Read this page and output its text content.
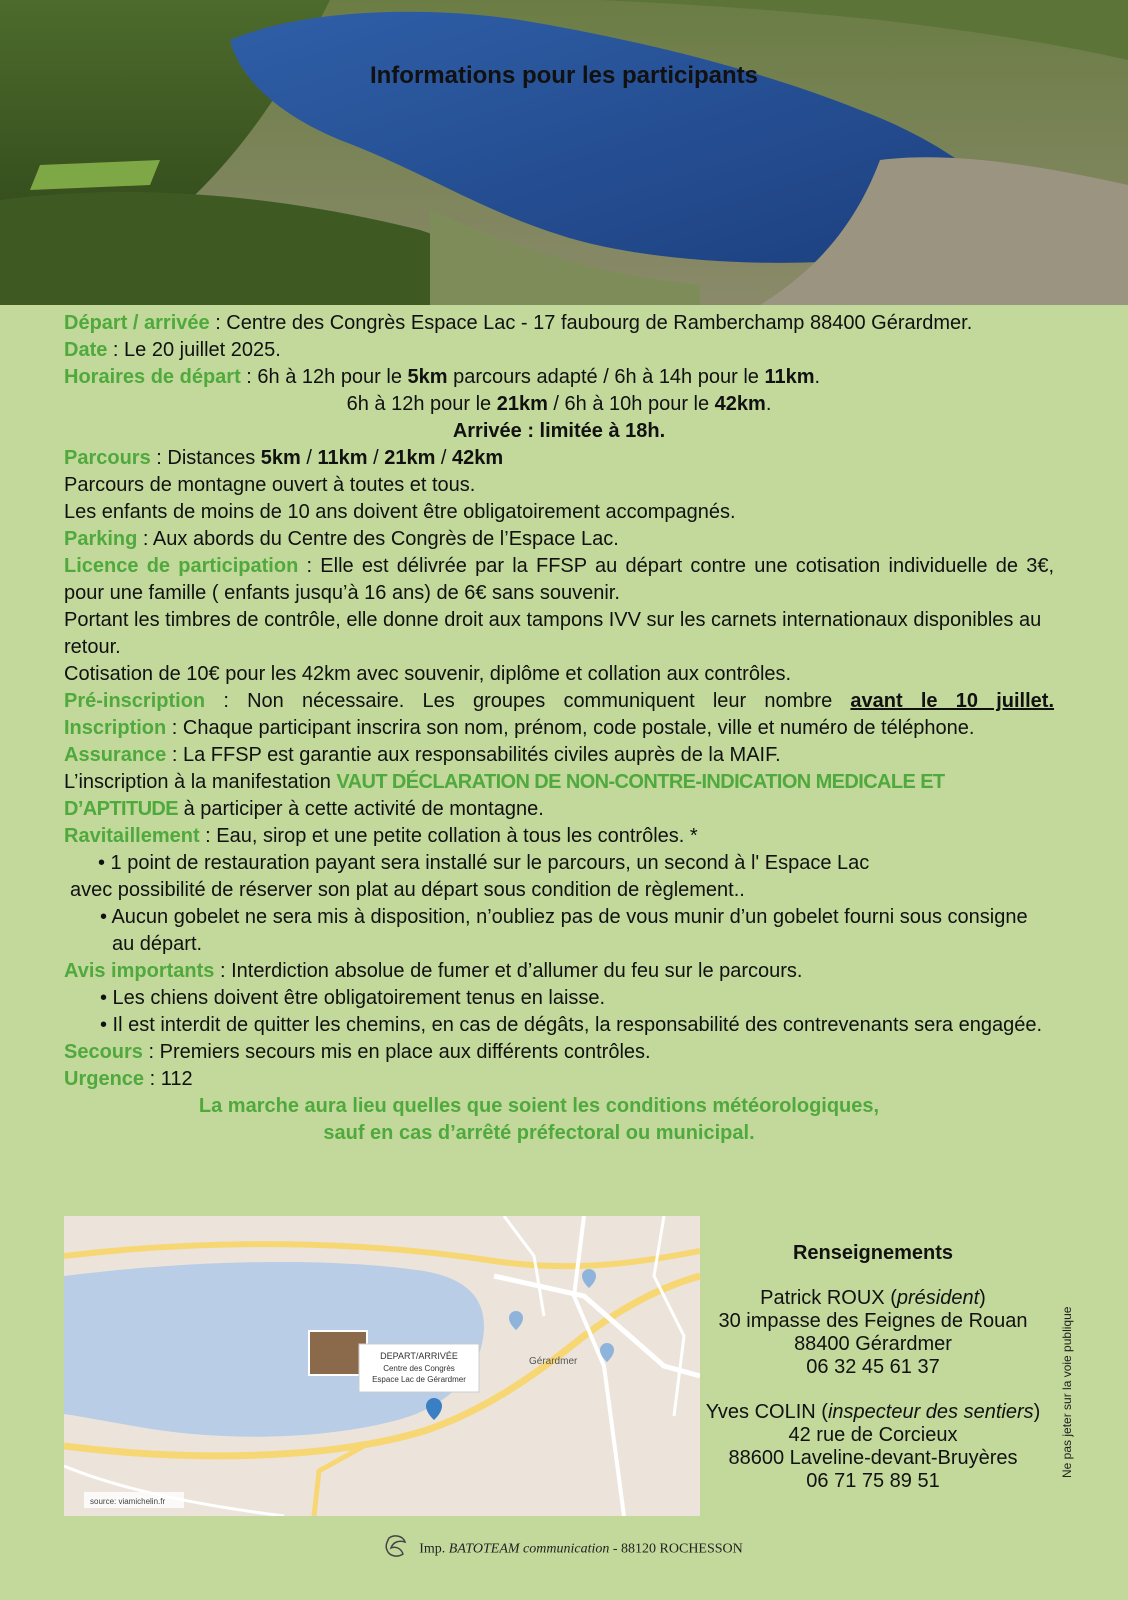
Informations pour les participants
Départ / arrivée : Centre des Congrès Espace Lac - 17 faubourg de Ramberchamp 88400 Gérardmer.
Date : Le 20 juillet 2025.
Horaires de départ : 6h à 12h pour le 5km parcours adapté / 6h à 14h pour le 11km.
6h à 12h pour le 21km / 6h à 10h pour le 42km.
Arrivée : limitée à 18h.
Parcours : Distances 5km / 11km / 21km / 42km
Parcours de montagne ouvert à toutes et tous.
Les enfants de moins de 10 ans doivent être obligatoirement accompagnés.
Parking : Aux abords du Centre des Congrès de l’Espace Lac.
Licence de participation : Elle est délivrée par la FFSP au départ contre une cotisation individuelle de 3€, pour une famille ( enfants jusqu’à 16 ans) de 6€ sans souvenir.
Portant les timbres de contrôle, elle donne droit aux tampons IVV sur les carnets internationaux disponibles au retour.
Cotisation de 10€ pour les 42km avec souvenir, diplôme et collation aux contrôles.
Pré-inscription : Non nécessaire. Les groupes communiquent leur nombre avant le 10 juillet.
Inscription : Chaque participant inscrira son nom, prénom, code postale, ville et numéro de téléphone.
Assurance : La FFSP est garantie aux responsabilités civiles auprès de la MAIF.
L’inscription à la manifestation VAUT DÉCLARATION DE NON-CONTRE-INDICATION MEDICALE ET D’APTITUDE à participer à cette activité de montagne.
Ravitaillement : Eau, sirop et une petite collation à tous les contrôles. *
• 1 point de restauration payant sera installé sur le parcours, un second à l' Espace Lac
avec possibilité de réserver son plat au départ sous condition de règlement..
• Aucun gobelet ne sera mis à disposition, n’oubliez pas de vous munir d’un gobelet fourni sous consigne au départ.
Avis importants : Interdiction absolue de fumer et d’allumer du feu sur le parcours.
• Les chiens doivent être obligatoirement tenus en laisse.
• Il est interdit de quitter les chemins, en cas de dégâts, la responsabilité des contrevenants sera engagée.
Secours : Premiers secours mis en place aux différents contrôles.
Urgence : 112
La marche aura lieu quelles que soient les conditions météorologiques,
sauf en cas d’arrêté préfectoral ou municipal.
DEPART/ARRIVÉE
Centre des Congrès
Espace Lac de Gérardmer
Gérardmer
source: viamichelin.fr
Renseignements
Patrick ROUX (président)
30 impasse des Feignes de Rouan
88400 Gérardmer
06 32 45 61 37
Yves COLIN (inspecteur des sentiers)
42 rue de Corcieux
88600 Laveline-devant-Bruyères
06 71 75 89 51
Ne pas jeter sur la voie publique
Imp. BATOTEAM communication - 88120 ROCHESSON
